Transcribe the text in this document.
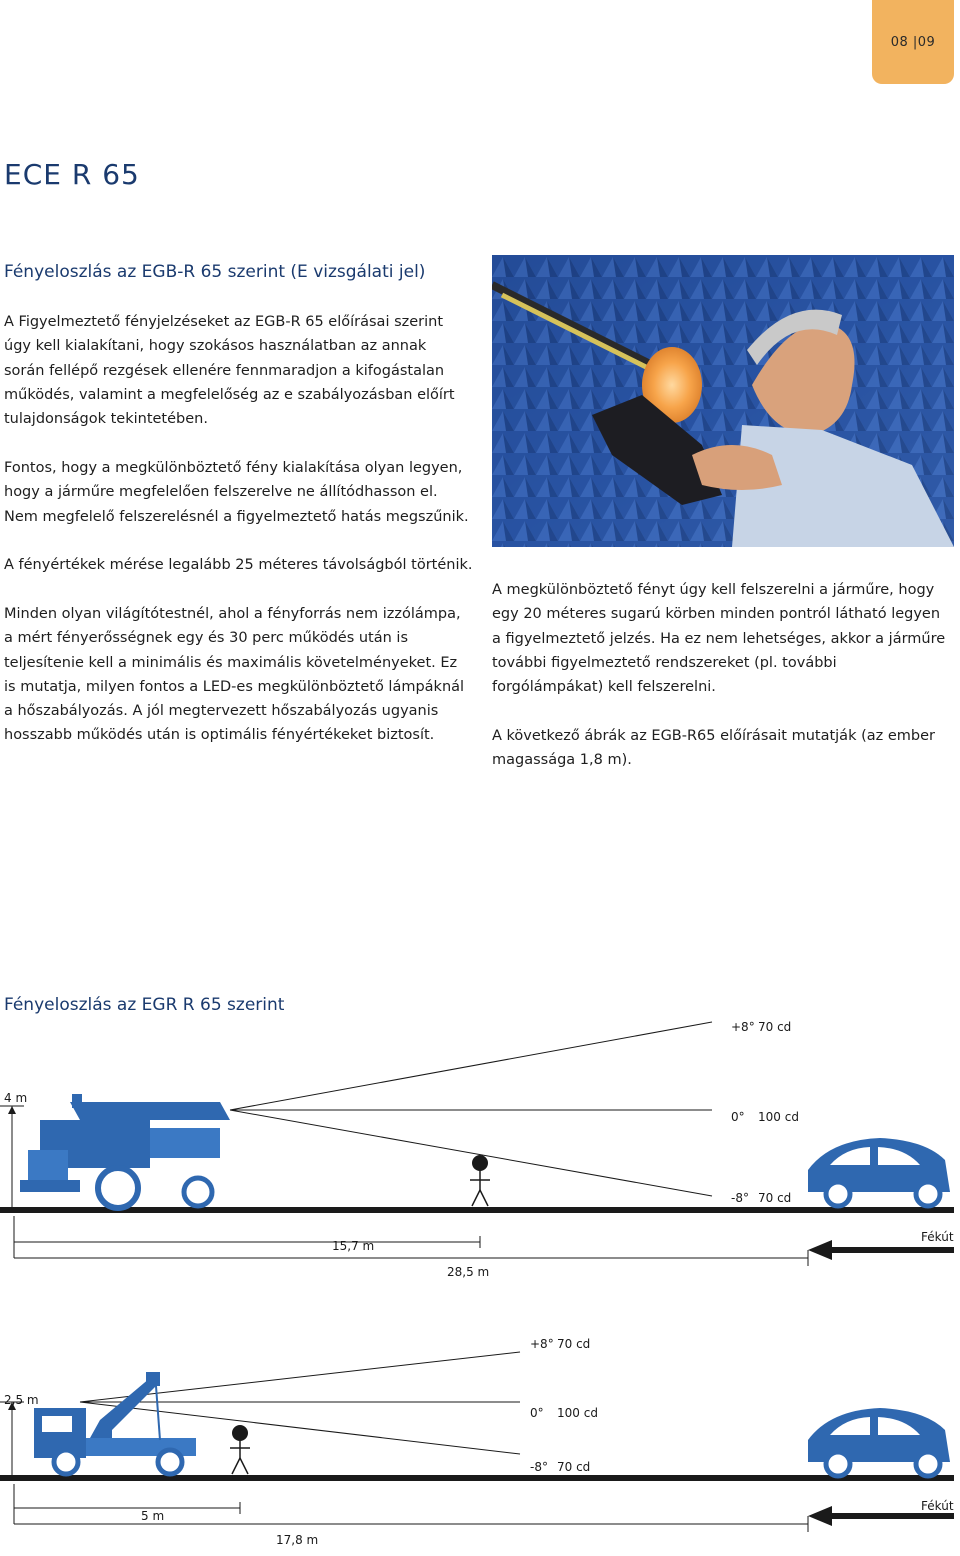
08 |09
ECE R 65
Fényeloszlás az EGB-R 65 szerint (E vizsgálati jel)

A Figyelmeztető fényjelzéseket az EGB-R 65 előírásai szerint úgy kell kialakítani, hogy szokásos használatban az annak során fellépő rezgések ellenére fennmaradjon a kifogástalan működés, valamint a megfelelőség az e szabályozásban előírt tulajdonságok tekintetében.

Fontos, hogy a megkülönböztető fény kialakítása olyan legyen, hogy a járműre megfelelően felszerelve ne állítódhasson el. Nem megfelelő felszerelésnél a figyelmeztető hatás megszűnik.

A fényértékek mérése legalább 25 méteres távolságból történik.

Minden olyan világítótestnél, ahol a fényforrás nem izzólámpa, a mért fényerősségnek egy és 30 perc működés után is teljesítenie kell a minimális és maximális követelményeket. Ez is mutatja, milyen fontos a LED-es megkülönböztető lámpáknál a hőszabályozás. A jól megtervezett hőszabályozás ugyanis hosszabb működés után is optimális fényértékeket biztosít.

A megkülönböztető fényt úgy kell felszerelni a járműre, hogy egy 20 méteres sugarú körben minden pontról látható legyen a figyelmeztető jelzés. Ha ez nem lehetséges, akkor a járműre további figyelmeztető rendszereket (pl. további forgólámpákat) kell felszerelni.

A következő ábrák az EGB-R65 előírásait mutatják (az ember magassága 1,8 m).

Fényeloszlás az EGR R 65 szerint
4 m
+8° 70 cd
0° 100 cd
-8° 70 cd
15,7 m
28,5 m
Fékút
2,5 m
+8° 70 cd
0° 100 cd
-8° 70 cd
5 m
17,8 m
Fékút
